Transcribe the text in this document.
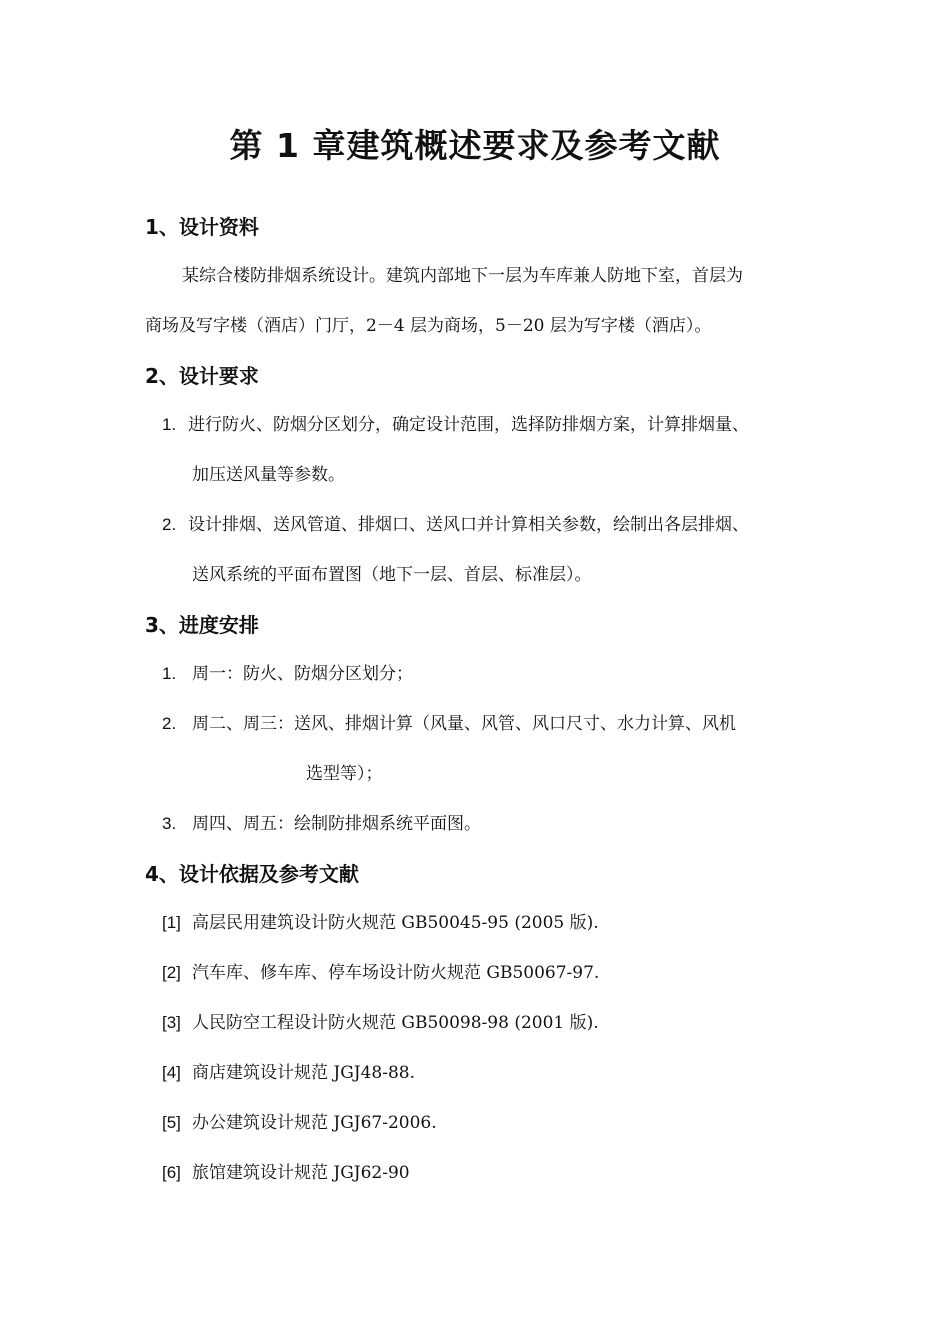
第 1 章建筑概述要求及参考文献
1、设计资料
某综合楼防排烟系统设计。建筑内部地下一层为车库兼人防地下室，首层为
商场及写字楼（酒店）门厅，2－4 层为商场，5－20 层为写字楼（酒店）。
2、设计要求
1. 进行防火、防烟分区划分，确定设计范围，选择防排烟方案，计算排烟量、
加压送风量等参数。
2. 设计排烟、送风管道、排烟口、送风口并计算相关参数，绘制出各层排烟、
送风系统的平面布置图（地下一层、首层、标准层）。
3、进度安排
1. 周一：防火、防烟分区划分；
2. 周二、周三：送风、排烟计算（风量、风管、风口尺寸、水力计算、风机
选型等）；
3. 周四、周五：绘制防排烟系统平面图。
4、设计依据及参考文献
[1] 高层民用建筑设计防火规范 GB50045-95 (2005 版).
[2] 汽车库、修车库、停车场设计防火规范 GB50067-97.
[3] 人民防空工程设计防火规范 GB50098-98 (2001 版).
[4] 商店建筑设计规范 JGJ48-88.
[5] 办公建筑设计规范 JGJ67-2006.
[6] 旅馆建筑设计规范 JGJ62-90
